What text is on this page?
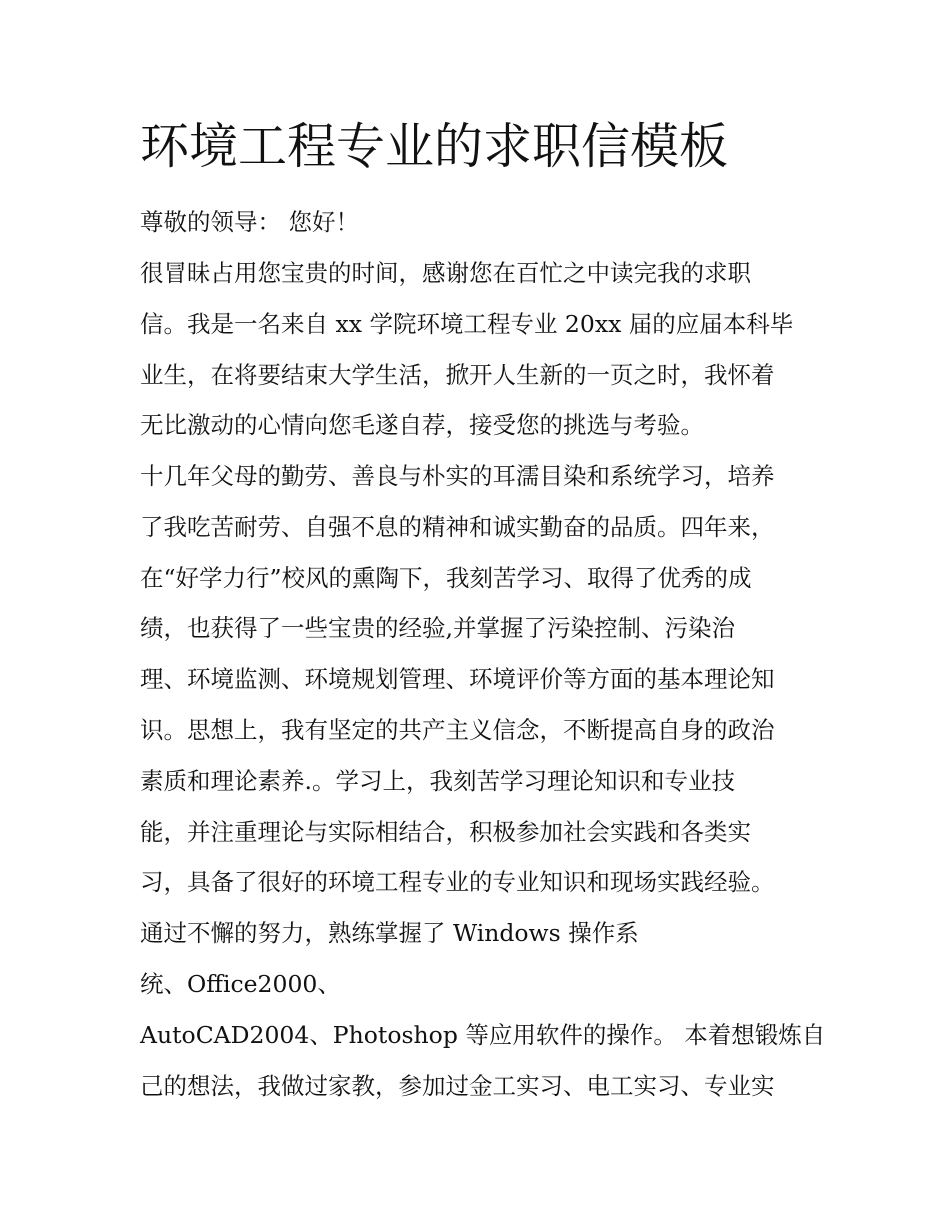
环境工程专业的求职信模板

尊敬的领导： 您好！

很冒昧占用您宝贵的时间，感谢您在百忙之中读完我的求职

信。我是一名来自 xx 学院环境工程专业 20xx 届的应届本科毕

业生，在将要结束大学生活，掀开人生新的一页之时，我怀着

无比激动的心情向您毛遂自荐，接受您的挑选与考验。

十几年父母的勤劳、善良与朴实的耳濡目染和系统学习，培养

了我吃苦耐劳、自强不息的精神和诚实勤奋的品质。四年来，

在“好学力行”校风的熏陶下，我刻苦学习、取得了优秀的成

绩，也获得了一些宝贵的经验,并掌握了污染控制、污染治

理、环境监测、环境规划管理、环境评价等方面的基本理论知

识。思想上，我有坚定的共产主义信念，不断提高自身的政治

素质和理论素养.。学习上，我刻苦学习理论知识和专业技

能，并注重理论与实际相结合，积极参加社会实践和各类实

习，具备了很好的环境工程专业的专业知识和现场实践经验。

通过不懈的努力，熟练掌握了 Windows 操作系

统、Office2000、

AutoCAD2004、Photoshop 等应用软件的操作。 本着想锻炼自

己的想法，我做过家教，参加过金工实习、电工实习、专业实
